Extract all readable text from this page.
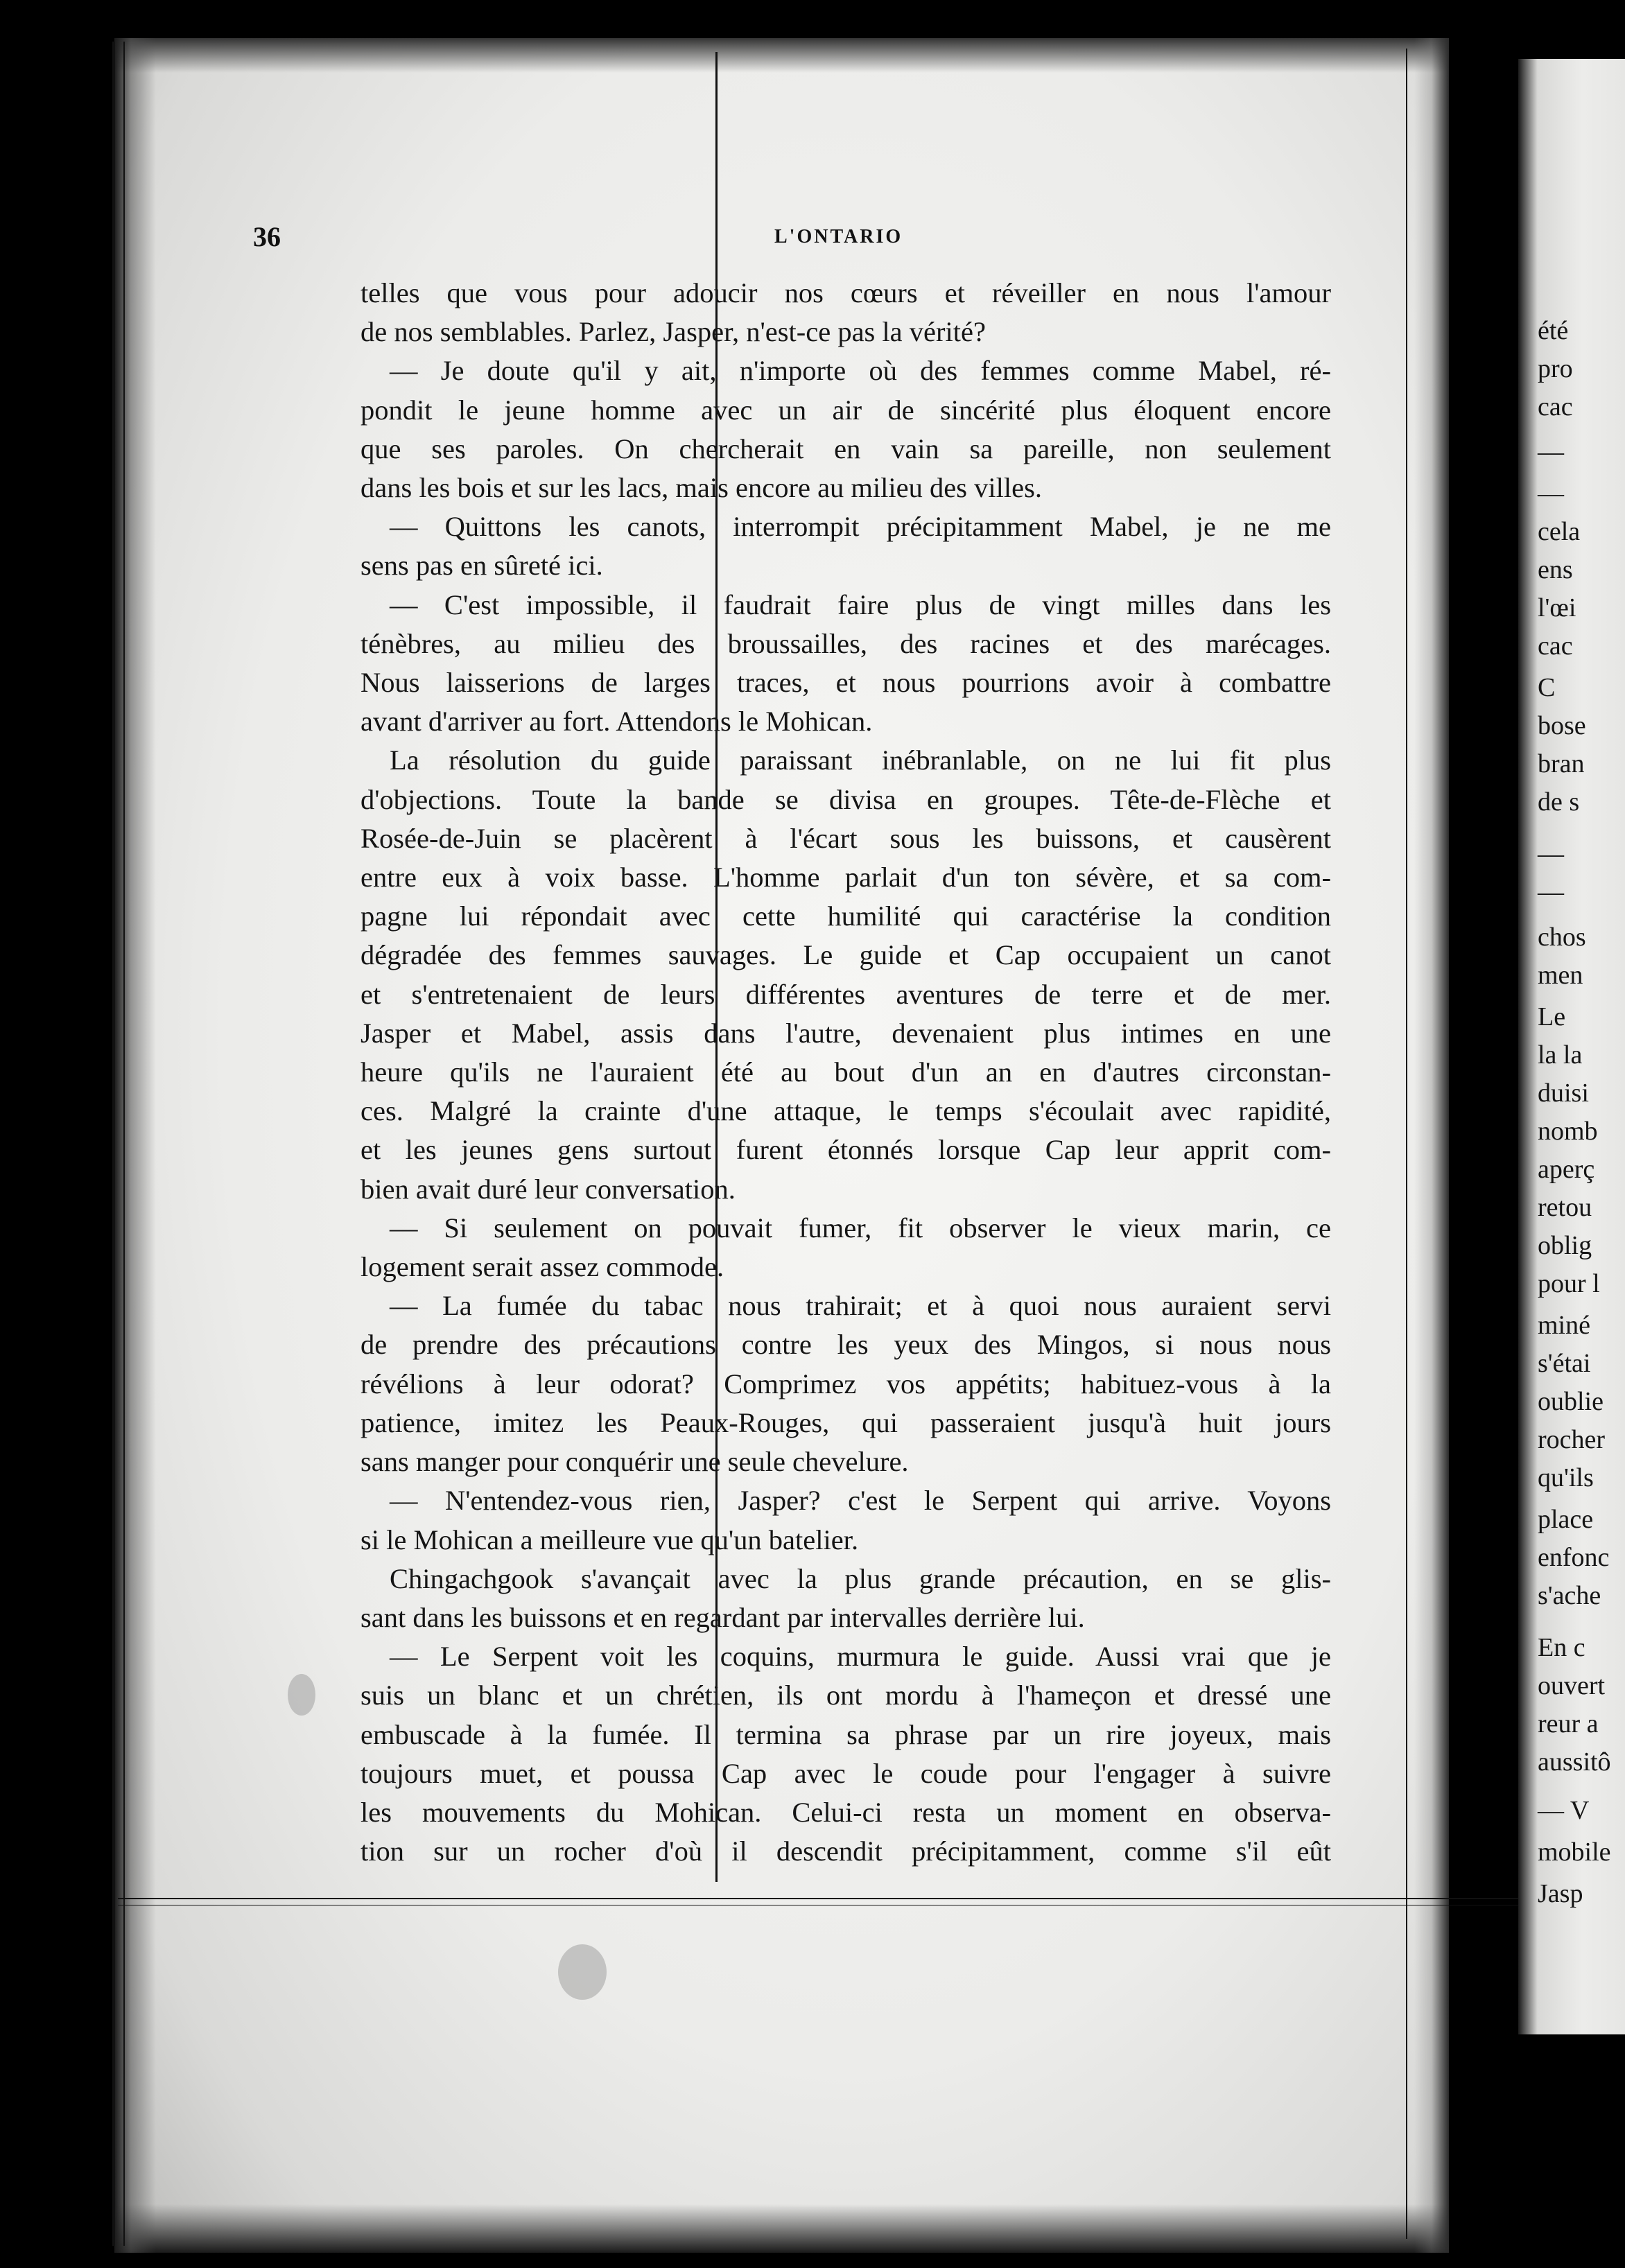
36	L'ONTARIO
telles que vous pour adoucir nos cœurs et réveiller en nous l'amour
de nos semblables. Parlez, Jasper, n'est-ce pas la vérité?
— Je doute qu'il y ait, n'importe où des femmes comme Mabel, ré-
pondit le jeune homme avec un air de sincérité plus éloquent encore
que ses paroles. On chercherait en vain sa pareille, non seulement
dans les bois et sur les lacs, mais encore au milieu des villes.
— Quittons les canots, interrompit précipitamment Mabel, je ne me
sens pas en sûreté ici.
— C'est impossible, il faudrait faire plus de vingt milles dans les
ténèbres, au milieu des broussailles, des racines et des marécages.
Nous laisserions de larges traces, et nous pourrions avoir à combattre
avant d'arriver au fort. Attendons le Mohican.
La résolution du guide paraissant inébranlable, on ne lui fit plus
d'objections. Toute la bande se divisa en groupes. Tête-de-Flèche et
Rosée-de-Juin se placèrent à l'écart sous les buissons, et causèrent
entre eux à voix basse. L'homme parlait d'un ton sévère, et sa com-
pagne lui répondait avec cette humilité qui caractérise la condition
dégradée des femmes sauvages. Le guide et Cap occupaient un canot
et s'entretenaient de leurs différentes aventures de terre et de mer.
Jasper et Mabel, assis dans l'autre, devenaient plus intimes en une
heure qu'ils ne l'auraient été au bout d'un an en d'autres circonstan-
ces. Malgré la crainte d'une attaque, le temps s'écoulait avec rapidité,
et les jeunes gens surtout furent étonnés lorsque Cap leur apprit com-
bien avait duré leur conversation.
— Si seulement on pouvait fumer, fit observer le vieux marin, ce
logement serait assez commode.
— La fumée du tabac nous trahirait; et à quoi nous auraient servi
de prendre des précautions contre les yeux des Mingos, si nous nous
révélions à leur odorat? Comprimez vos appétits; habituez-vous à la
patience, imitez les Peaux-Rouges, qui passeraient jusqu'à huit jours
sans manger pour conquérir une seule chevelure.
— N'entendez-vous rien, Jasper? c'est le Serpent qui arrive. Voyons
si le Mohican a meilleure vue qu'un batelier.
Chingachgook s'avançait avec la plus grande précaution, en se glis-
sant dans les buissons et en regardant par intervalles derrière lui.
— Le Serpent voit les coquins, murmura le guide. Aussi vrai que je
suis un blanc et un chrétien, ils ont mordu à l'hameçon et dressé une
embuscade à la fumée. Il termina sa phrase par un rire joyeux, mais
toujours muet, et poussa Cap avec le coude pour l'engager à suivre
les mouvements du Mohican. Celui-ci resta un moment en observa-
tion sur un rocher d'où il descendit précipitamment, comme s'il eût
été
pro
cac
—
—
cela
ens
l'œi
cac
C
bose
bran
de s
—
—
chos
men
Le
la la
duisi
nomb
aperç
retou
oblig
pour l
miné
s'étai
oublie
rocher
qu'ils
place
enfonc
s'ache
En c
ouvert
reur a
aussitô
— V
mobile
Jasp
